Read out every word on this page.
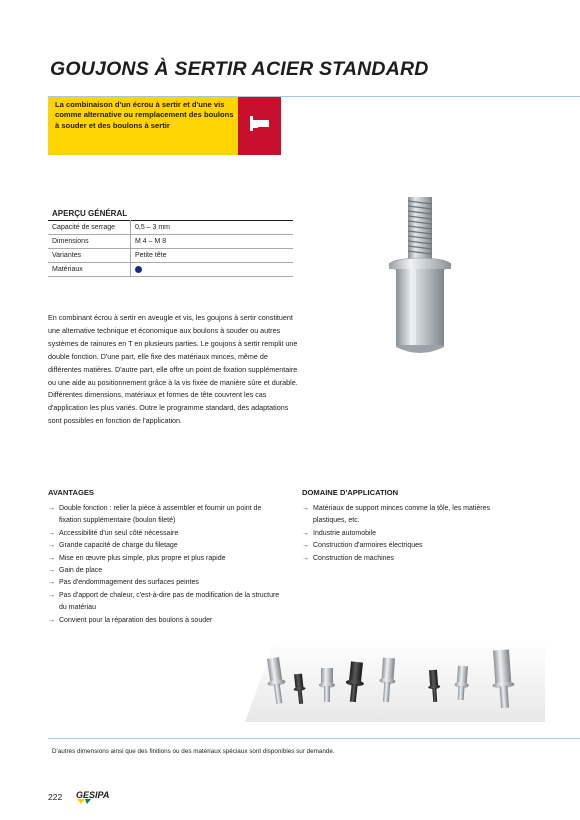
GOUJONS À SERTIR ACIER STANDARD
La combinaison d'un écrou à sertir et d'une vis comme alternative ou remplacement des boulons à souder et des boulons à sertir
APERÇU GÉNÉRAL
Capacité de serrage	0,5 – 3 mm
Dimensions	M 4 – M 8
Variantes	Petite tête
Matériaux	
En combinant écrou à sertir en aveugle et vis, les goujons à sertir constituent une alternative technique et économique aux boulons à souder ou autres systèmes de rainures en T en plusieurs parties. Le goujons à sertir remplit une double fonction. D'une part, elle fixe des matériaux minces, même de différentes matières. D'autre part, elle offre un point de fixation supplémentaire ou une aide au positionnement grâce à la vis fixée de manière sûre et durable. Différentes dimensions, matériaux et formes de tête couvrent les cas d'application les plus variés. Outre le programme standard, des adaptations sont possibles en fonction de l'application.
AVANTAGES
→ Double fonction : relier la pièce à assembler et fournir un point de fixation supplémentaire (boulon fileté)
→ Accessibilité d'un seul côté nécessaire
→ Grande capacité de charge du filetage
→ Mise en œuvre plus simple, plus propre et plus rapide
→ Gain de place
→ Pas d'endommagement des surfaces peintes
→ Pas d'apport de chaleur, c'est-à-dire pas de modification de la structure du matériau
→ Convient pour la réparation des boulons à souder
DOMAINE D'APPLICATION
→ Matériaux de support minces comme la tôle, les matières plastiques, etc.
→ Industrie automobile
→ Construction d'armoires électriques
→ Construction de machines
D'autres dimensions ainsi que des finitions ou des matériaux spéciaux sont disponibles sur demande.
222 GESIPA
